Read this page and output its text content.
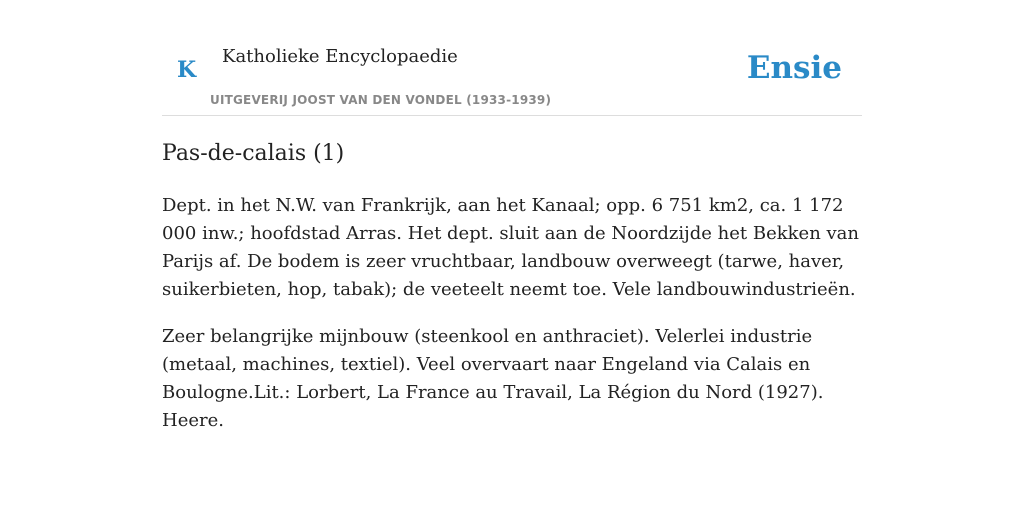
K
Katholieke Encyclopaedie
UITGEVERIJ JOOST VAN DEN VONDEL (1933-1939)
Ensie
Pas-de-calais (1)

Dept. in het N.W. van Frankrijk, aan het Kanaal; opp. 6 751 km2, ca. 1 172 000 inw.; hoofdstad Arras. Het dept. sluit aan de Noordzijde het Bekken van Parijs af. De bodem is zeer vruchtbaar, landbouw overweegt (tarwe, haver, suikerbieten, hop, tabak); de veeteelt neemt toe. Vele landbouwindustrieën.

Zeer belangrijke mijnbouw (steenkool en anthraciet). Velerlei industrie (metaal, machines, textiel). Veel overvaart naar Engeland via Calais en Boulogne.Lit.: Lorbert, La France au Travail, La Région du Nord (1927). Heere.
